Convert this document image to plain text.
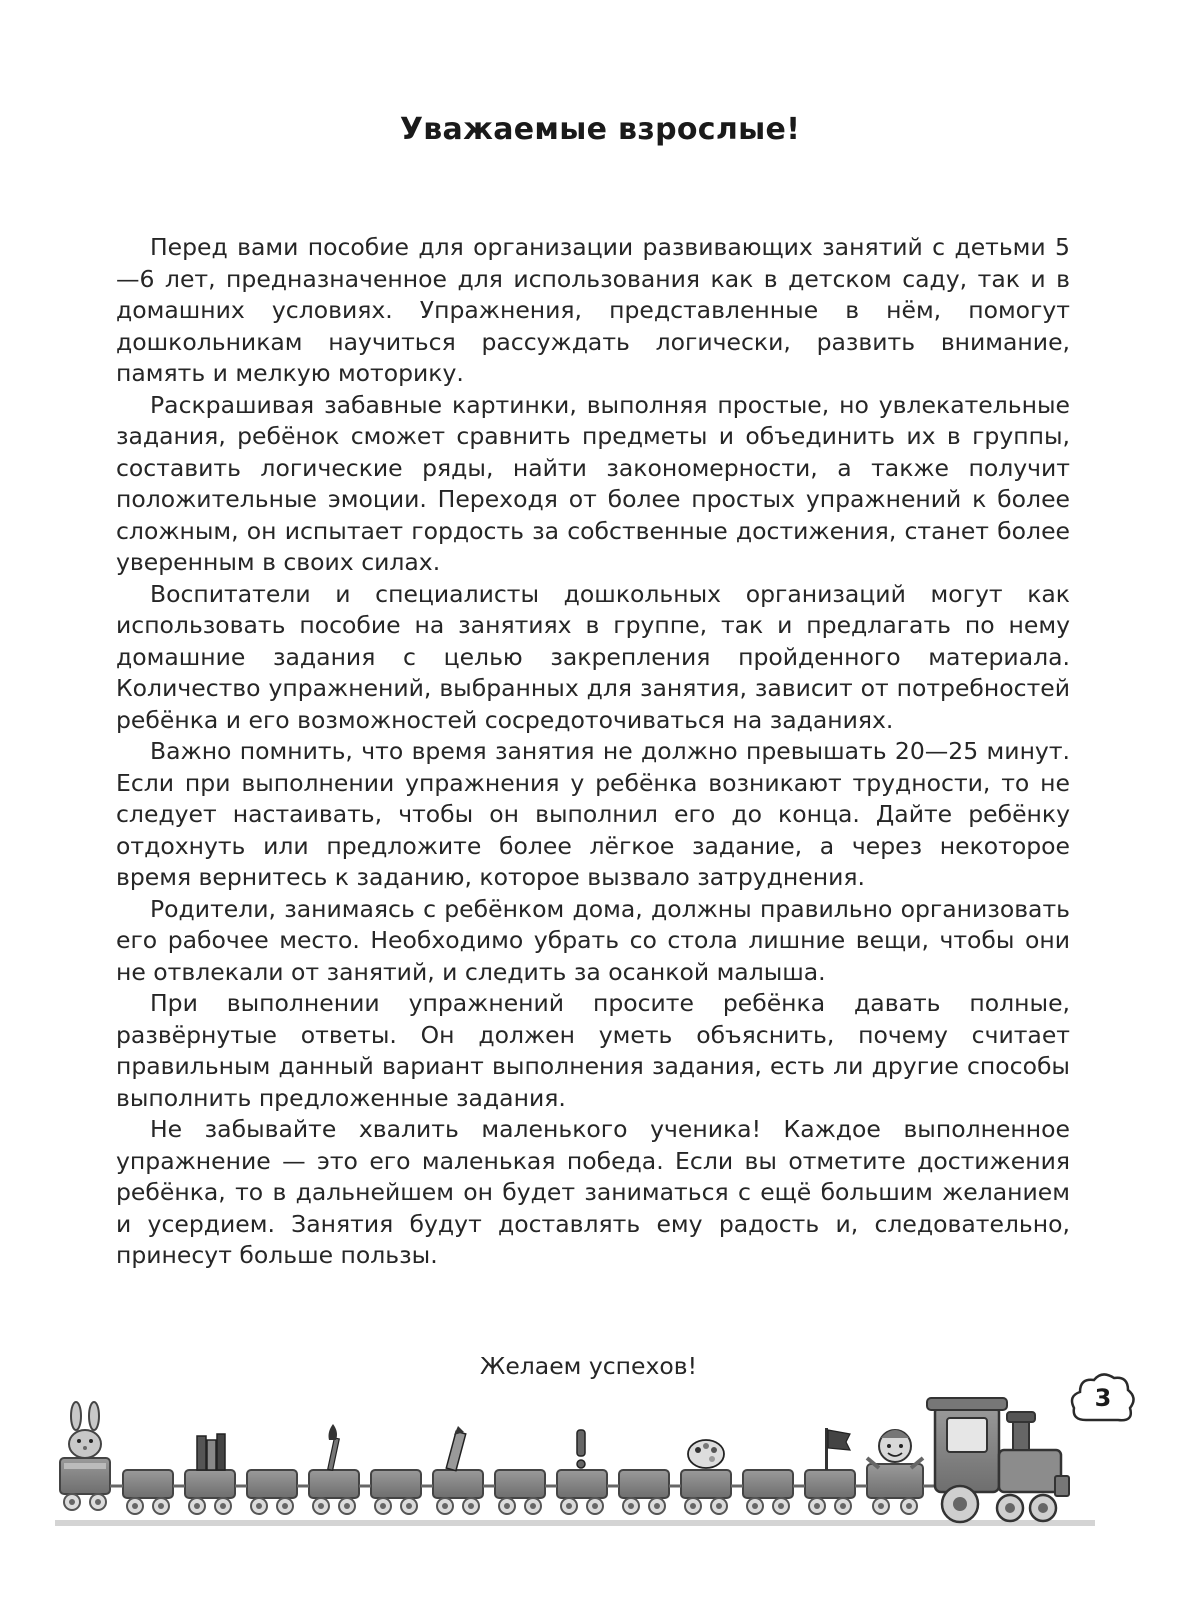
Уважаемые взрослые!

Перед вами пособие для организации развивающих занятий с детьми 5—6 лет, предназначенное для использования как в детском саду, так и в домашних условиях. Упражнения, представленные в нём, помогут дошкольникам научиться рассуждать логически, развить внимание, память и мелкую моторику.

Раскрашивая забавные картинки, выполняя простые, но увлекательные задания, ребёнок сможет сравнить предметы и объединить их в группы, составить логические ряды, найти закономерности, а также получит положительные эмоции. Переходя от более простых упражнений к более сложным, он испытает гордость за собственные достижения, станет более уверенным в своих силах.

Воспитатели и специалисты дошкольных организаций могут как использовать пособие на занятиях в группе, так и предлагать по нему домашние задания с целью закрепления пройденного материала. Количество упражнений, выбранных для занятия, зависит от потребностей ребёнка и его возможностей сосредоточиваться на заданиях.

Важно помнить, что время занятия не должно превышать 20—25 минут. Если при выполнении упражнения у ребёнка возникают трудности, то не следует настаивать, чтобы он выполнил его до конца. Дайте ребёнку отдохнуть или предложите более лёгкое задание, а через некоторое время вернитесь к заданию, которое вызвало затруднения.

Родители, занимаясь с ребёнком дома, должны правильно организовать его рабочее место. Необходимо убрать со стола лишние вещи, чтобы они не отвлекали от занятий, и следить за осанкой малыша.

При выполнении упражнений просите ребёнка давать полные, развёрнутые ответы. Он должен уметь объяснить, почему считает правильным данный вариант выполнения задания, есть ли другие способы выполнить предложенные задания.

Не забывайте хвалить маленького ученика! Каждое выполненное упражнение — это его маленькая победа. Если вы отметите достижения ребёнка, то в дальнейшем он будет заниматься с ещё большим желанием и усердием. Занятия будут доставлять ему радость и, следовательно, принесут больше пользы.

Желаем успехов!
3
